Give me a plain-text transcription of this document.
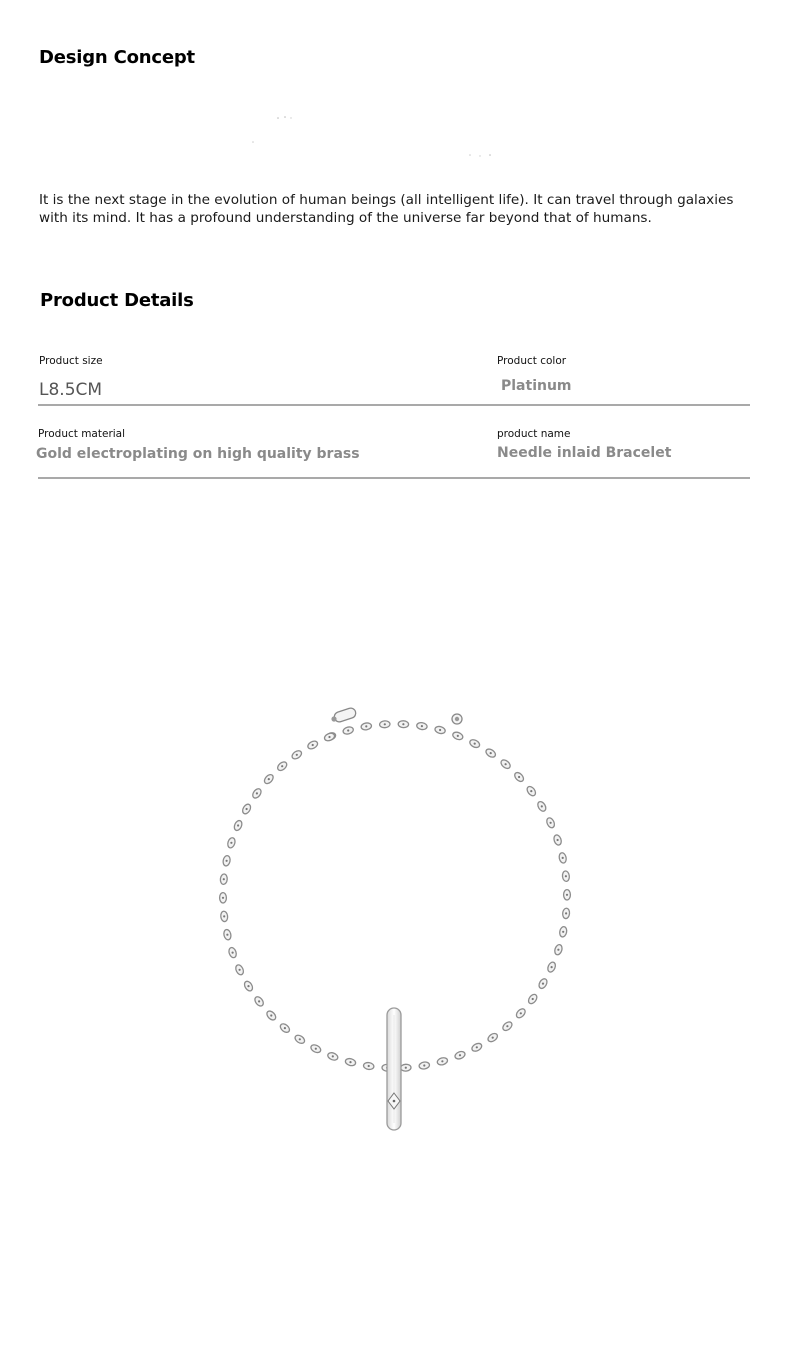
Design Concept

It is the next stage in the evolution of human beings (all intelligent life). It can travel through galaxies with its mind. It has a profound understanding of the universe far beyond that of humans.

Product Details
Product size
L8.5CM
Product color
Platinum
Product material
Gold electroplating on high quality brass
product name
Needle inlaid Bracelet
